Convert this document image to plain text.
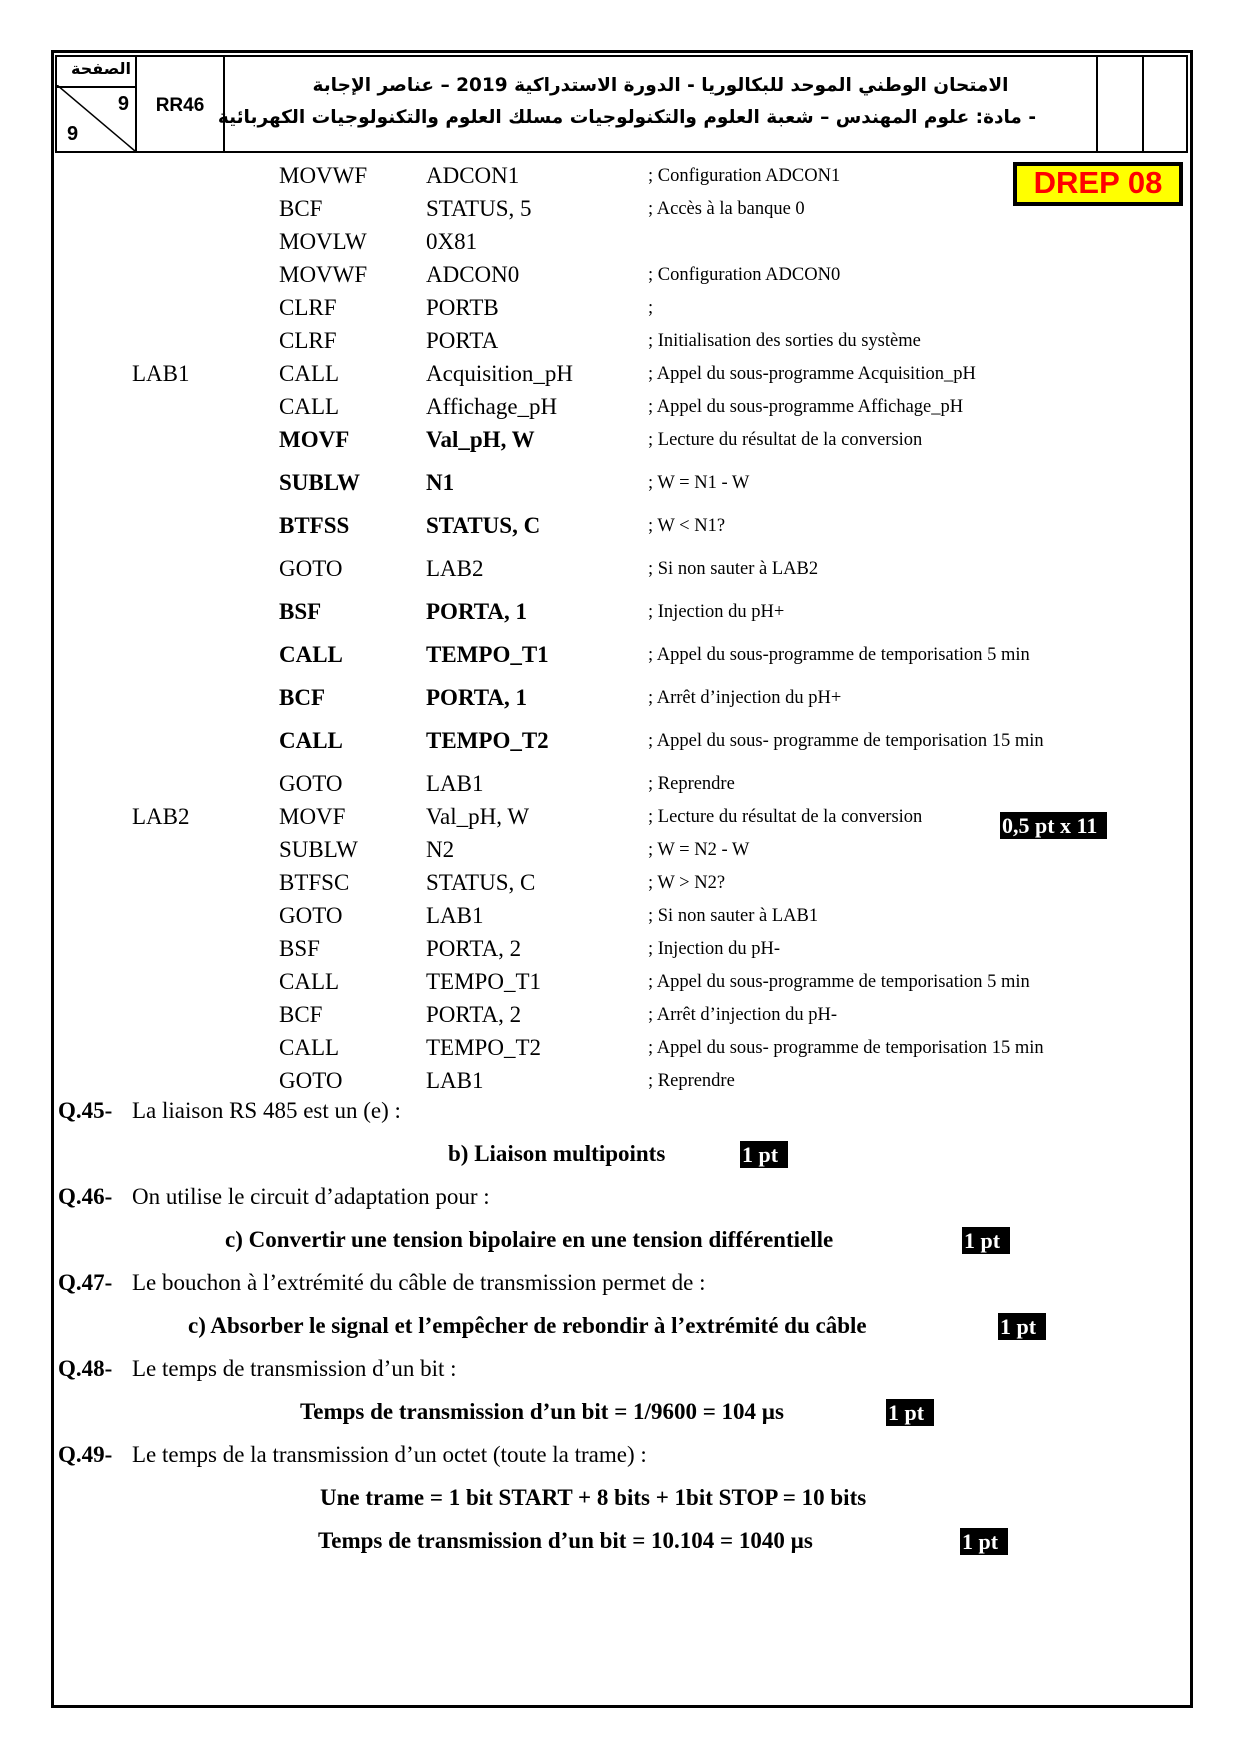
الصفحة
9
9
RR46
الامتحان الوطني الموحد للبكالوريا - الدورة الاستدراكية 2019 – عناصر الإجابة
- مادة: علوم المهندس – شعبة العلوم والتكنولوجيات مسلك العلوم والتكنولوجيات الكهربائية
DREP 08
MOVWF	ADCON1	; Configuration ADCON1
BCF	STATUS, 5	; Accès à la banque 0
MOVLW	0X81
MOVWF	ADCON0	; Configuration ADCON0
CLRF	PORTB	;
CLRF	PORTA	; Initialisation des sorties du système
LAB1	CALL	Acquisition_pH	; Appel du sous-programme Acquisition_pH
CALL	Affichage_pH	; Appel du sous-programme Affichage_pH
MOVF	Val_pH, W	; Lecture du résultat de la conversion
SUBLW	N1	; W = N1 - W
BTFSS	STATUS, C	; W < N1?
GOTO	LAB2	; Si non sauter à LAB2
BSF	PORTA, 1	; Injection du pH+
CALL	TEMPO_T1	; Appel du sous-programme de temporisation 5 min
BCF	PORTA, 1	; Arrêt d’injection du pH+
CALL	TEMPO_T2	; Appel du sous- programme de temporisation 15 min
GOTO	LAB1	; Reprendre
LAB2	MOVF	Val_pH, W	; Lecture du résultat de la conversion
SUBLW	N2	; W = N2 - W
BTFSC	STATUS, C	; W > N2?
GOTO	LAB1	; Si non sauter à LAB1
BSF	PORTA, 2	; Injection du pH-
CALL	TEMPO_T1	; Appel du sous-programme de temporisation 5 min
BCF	PORTA, 2	; Arrêt d’injection du pH-
CALL	TEMPO_T2	; Appel du sous- programme de temporisation 15 min
GOTO	LAB1	; Reprendre
0,5 pt x 11
Q.45- La liaison RS 485 est un (e) :
b) Liaison multipoints	1 pt
Q.46- On utilise le circuit d’adaptation pour :
c) Convertir une tension bipolaire en une tension différentielle	1 pt
Q.47- Le bouchon à l’extrémité du câble de transmission permet de :
c) Absorber le signal et l’empêcher de rebondir à l’extrémité du câble	1 pt
Q.48- Le temps de transmission d’un bit :
Temps de transmission d’un bit = 1/9600 = 104 µs	1 pt
Q.49- Le temps de la transmission d’un octet (toute la trame) :
Une trame = 1 bit START + 8 bits + 1bit STOP = 10 bits
Temps de transmission d’un bit = 10.104 = 1040 µs	1 pt
